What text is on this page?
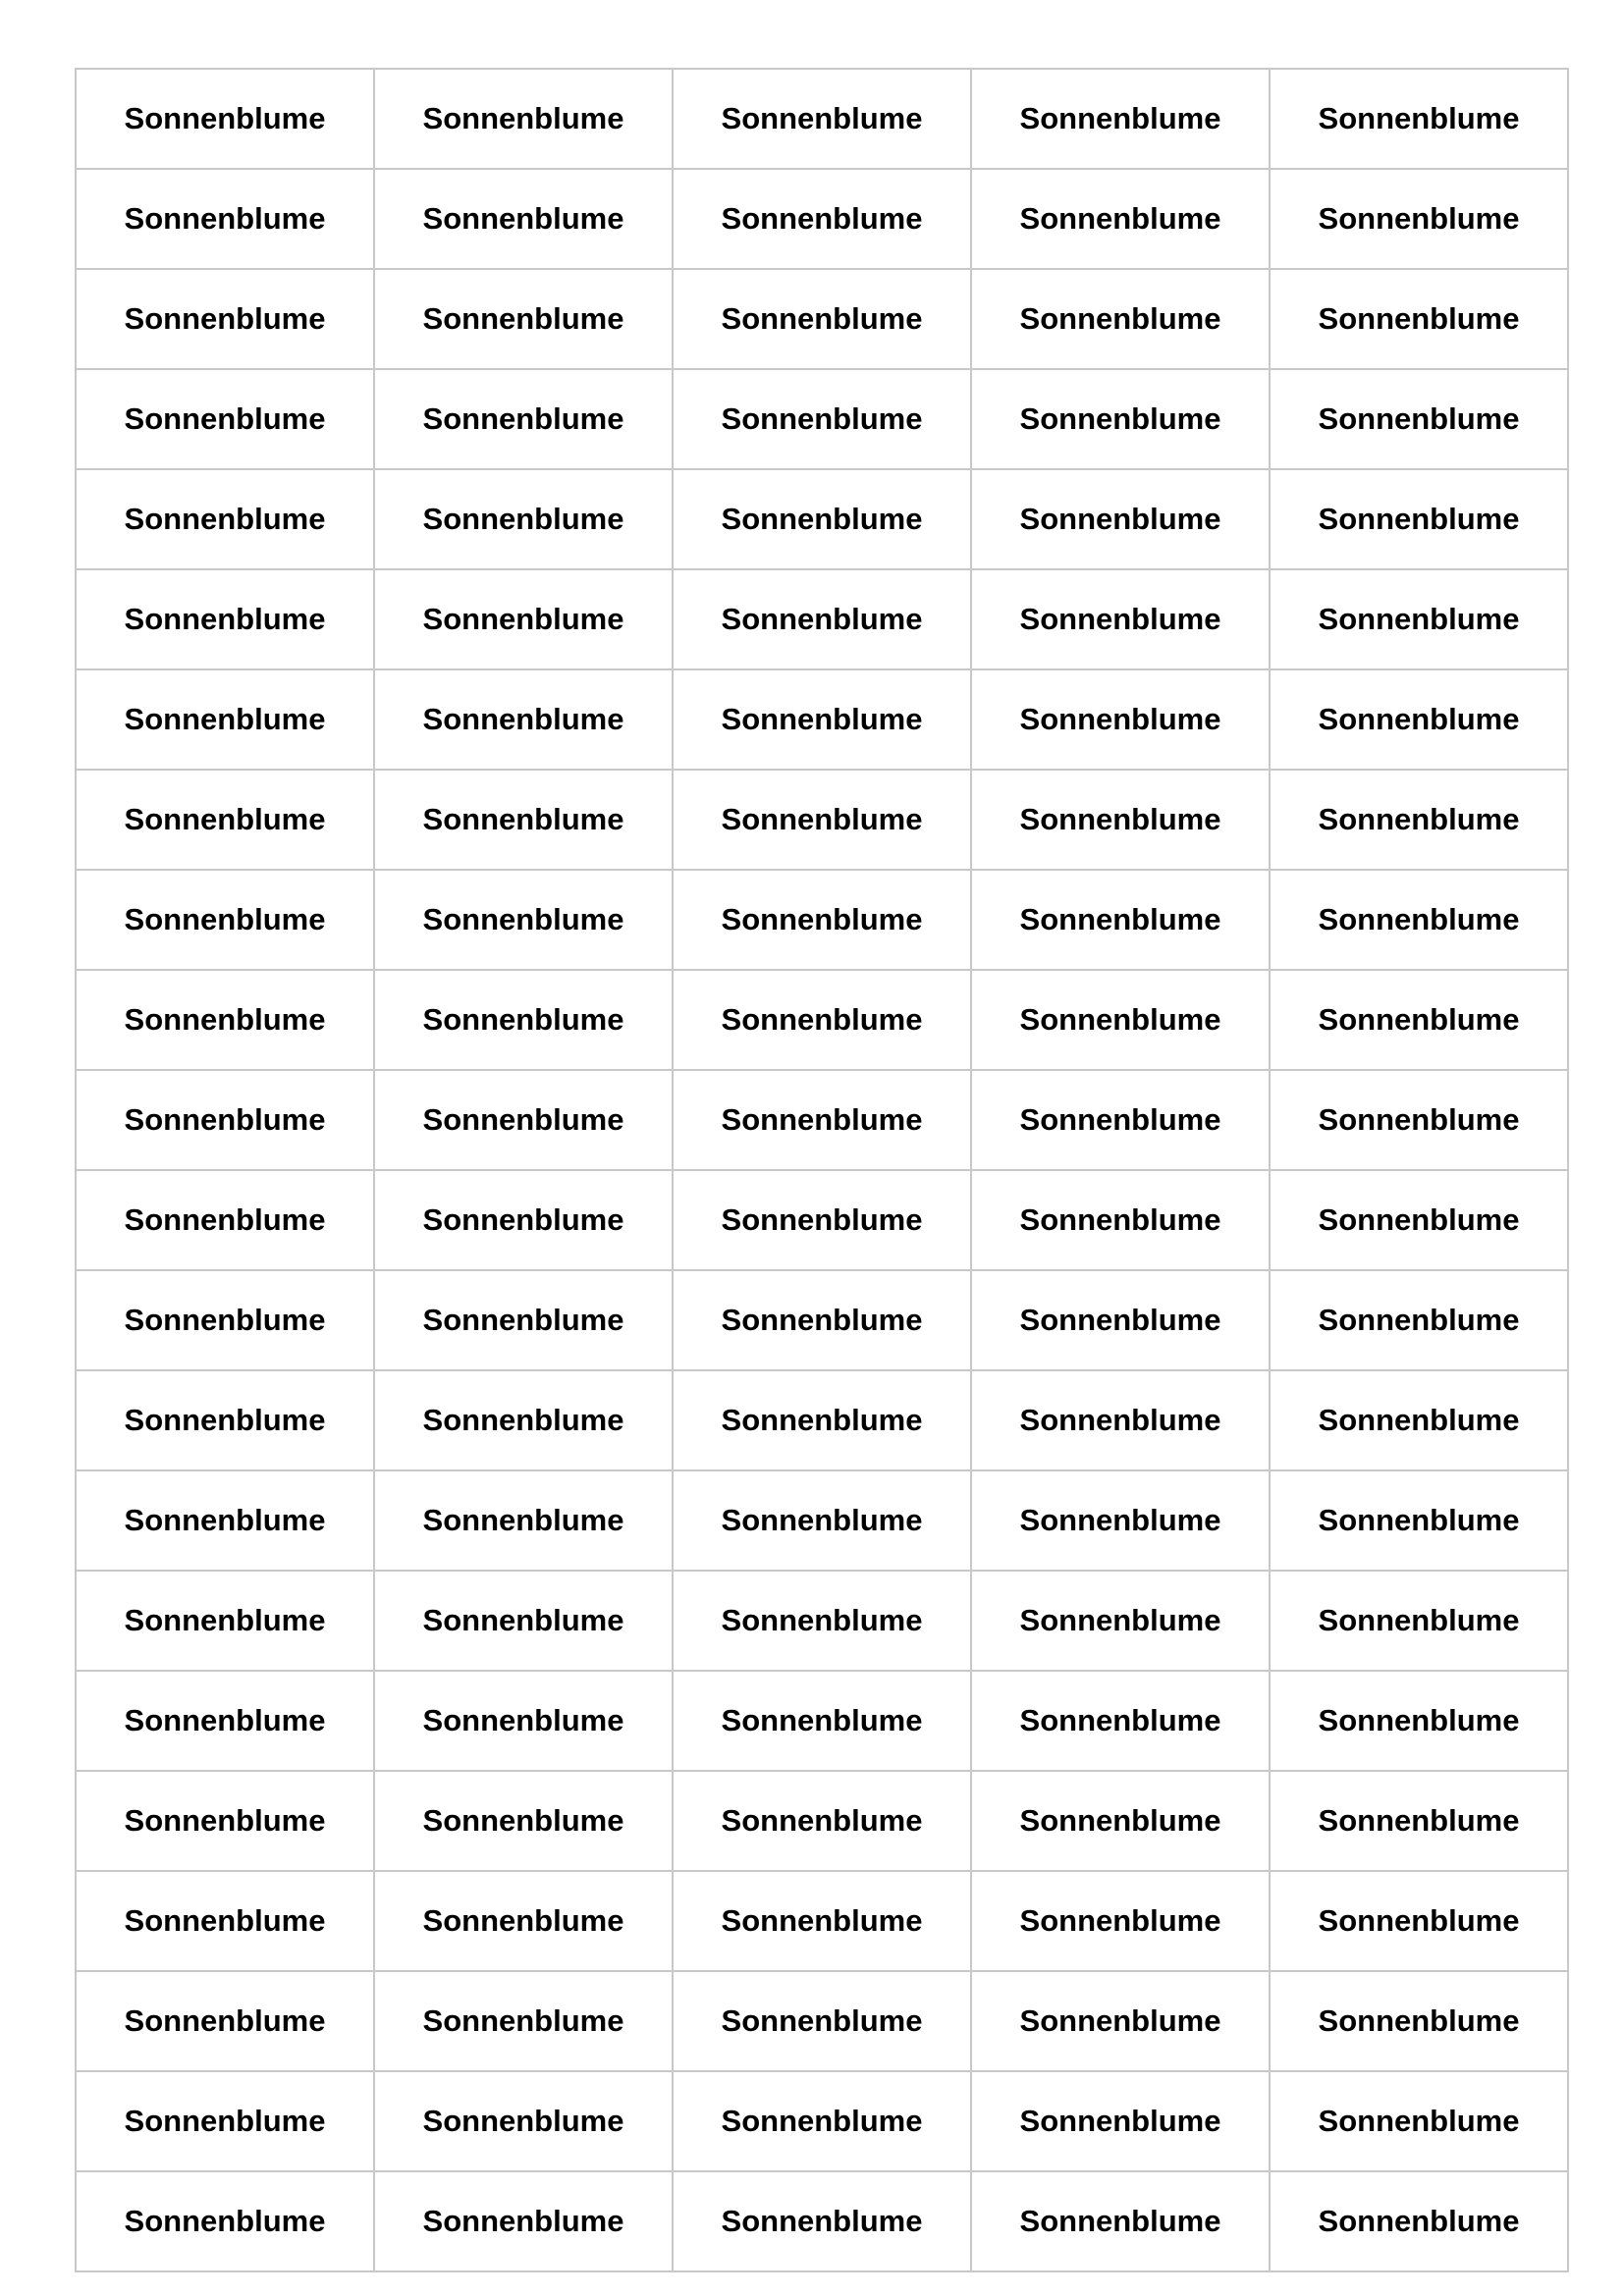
Sonnenblume	Sonnenblume	Sonnenblume	Sonnenblume	Sonnenblume
Sonnenblume	Sonnenblume	Sonnenblume	Sonnenblume	Sonnenblume
Sonnenblume	Sonnenblume	Sonnenblume	Sonnenblume	Sonnenblume
Sonnenblume	Sonnenblume	Sonnenblume	Sonnenblume	Sonnenblume
Sonnenblume	Sonnenblume	Sonnenblume	Sonnenblume	Sonnenblume
Sonnenblume	Sonnenblume	Sonnenblume	Sonnenblume	Sonnenblume
Sonnenblume	Sonnenblume	Sonnenblume	Sonnenblume	Sonnenblume
Sonnenblume	Sonnenblume	Sonnenblume	Sonnenblume	Sonnenblume
Sonnenblume	Sonnenblume	Sonnenblume	Sonnenblume	Sonnenblume
Sonnenblume	Sonnenblume	Sonnenblume	Sonnenblume	Sonnenblume
Sonnenblume	Sonnenblume	Sonnenblume	Sonnenblume	Sonnenblume
Sonnenblume	Sonnenblume	Sonnenblume	Sonnenblume	Sonnenblume
Sonnenblume	Sonnenblume	Sonnenblume	Sonnenblume	Sonnenblume
Sonnenblume	Sonnenblume	Sonnenblume	Sonnenblume	Sonnenblume
Sonnenblume	Sonnenblume	Sonnenblume	Sonnenblume	Sonnenblume
Sonnenblume	Sonnenblume	Sonnenblume	Sonnenblume	Sonnenblume
Sonnenblume	Sonnenblume	Sonnenblume	Sonnenblume	Sonnenblume
Sonnenblume	Sonnenblume	Sonnenblume	Sonnenblume	Sonnenblume
Sonnenblume	Sonnenblume	Sonnenblume	Sonnenblume	Sonnenblume
Sonnenblume	Sonnenblume	Sonnenblume	Sonnenblume	Sonnenblume
Sonnenblume	Sonnenblume	Sonnenblume	Sonnenblume	Sonnenblume
Sonnenblume	Sonnenblume	Sonnenblume	Sonnenblume	Sonnenblume
